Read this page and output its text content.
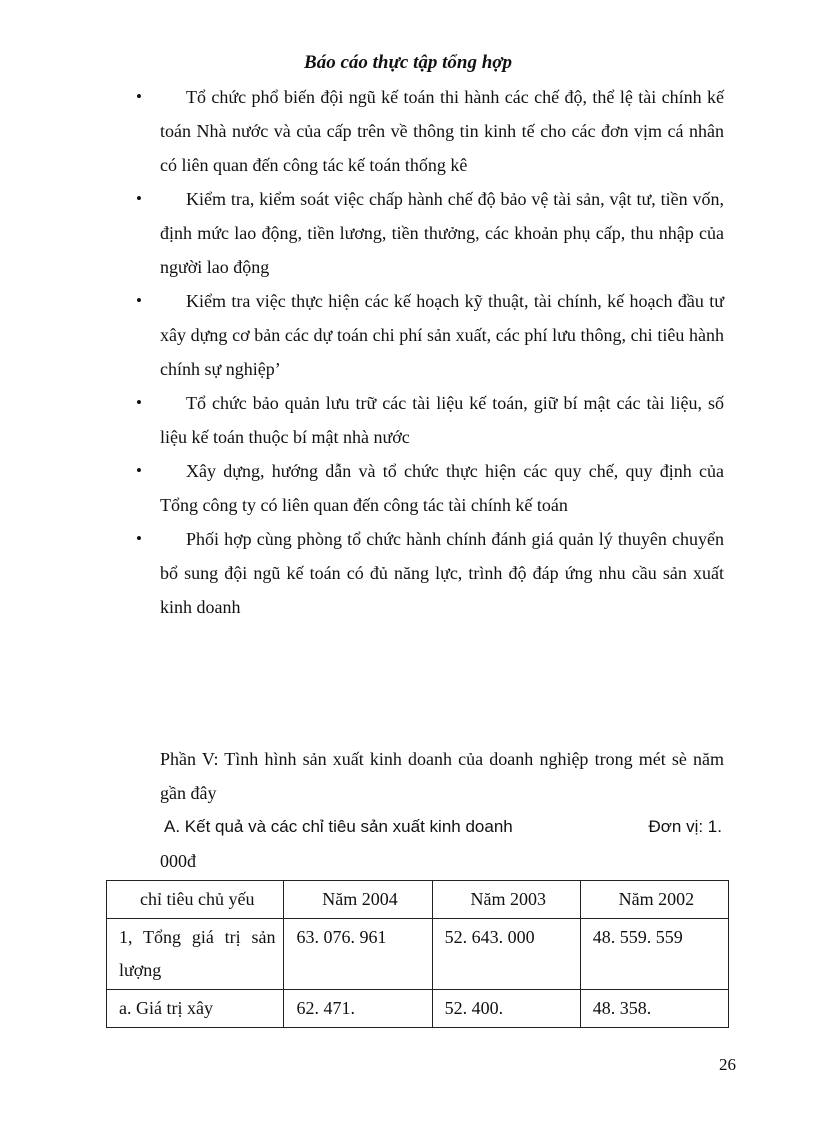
Báo cáo thực tập tổng hợp
•	Tổ chức phổ biến đội ngũ kế toán thi hành các chế độ, thể lệ tài chính kế toán Nhà nước và của cấp trên về thông tin kinh tế cho các đơn vịm cá nhân có liên quan đến công tác kế toán thống kê
•	Kiểm tra, kiểm soát việc chấp hành chế độ bảo vệ tài sản, vật tư, tiền vốn, định mức lao động, tiền lương, tiền thưởng, các khoản phụ cấp, thu nhập của người lao động
•	Kiểm tra việc thực hiện các kế hoạch kỹ thuật, tài chính, kế hoạch đầu tư xây dựng cơ bản các dự toán chi phí sản xuất, các phí lưu thông, chi tiêu hành chính sự nghiệp’
•	Tổ chức bảo quản lưu trữ các tài liệu kế toán, giữ bí mật các tài liệu, số liệu kế toán thuộc bí mật nhà nước
•	Xây dựng, hướng dẫn và tổ chức thực hiện các quy chế, quy định của Tổng công ty có liên quan đến công tác tài chính kế toán
•	Phối hợp cùng phòng tổ chức hành chính đánh giá quản lý thuyên chuyển bổ sung đội ngũ kế toán có đủ năng lực, trình độ đáp ứng nhu cầu sản xuất kinh doanh
Phần V: Tình hình sản xuất kinh doanh của doanh nghiệp trong mét sè năm gần đây
A. Kết quả và các chỉ tiêu sản xuất kinh doanh	Đơn vị: 1.
000đ
chỉ tiêu chủ yếu	Năm 2004	Năm 2003	Năm 2002
1, Tổng giá trị sản lượng	63. 076. 961	52. 643. 000	48. 559. 559
a. Giá trị xây	62. 471.	52. 400.	48. 358.
26
